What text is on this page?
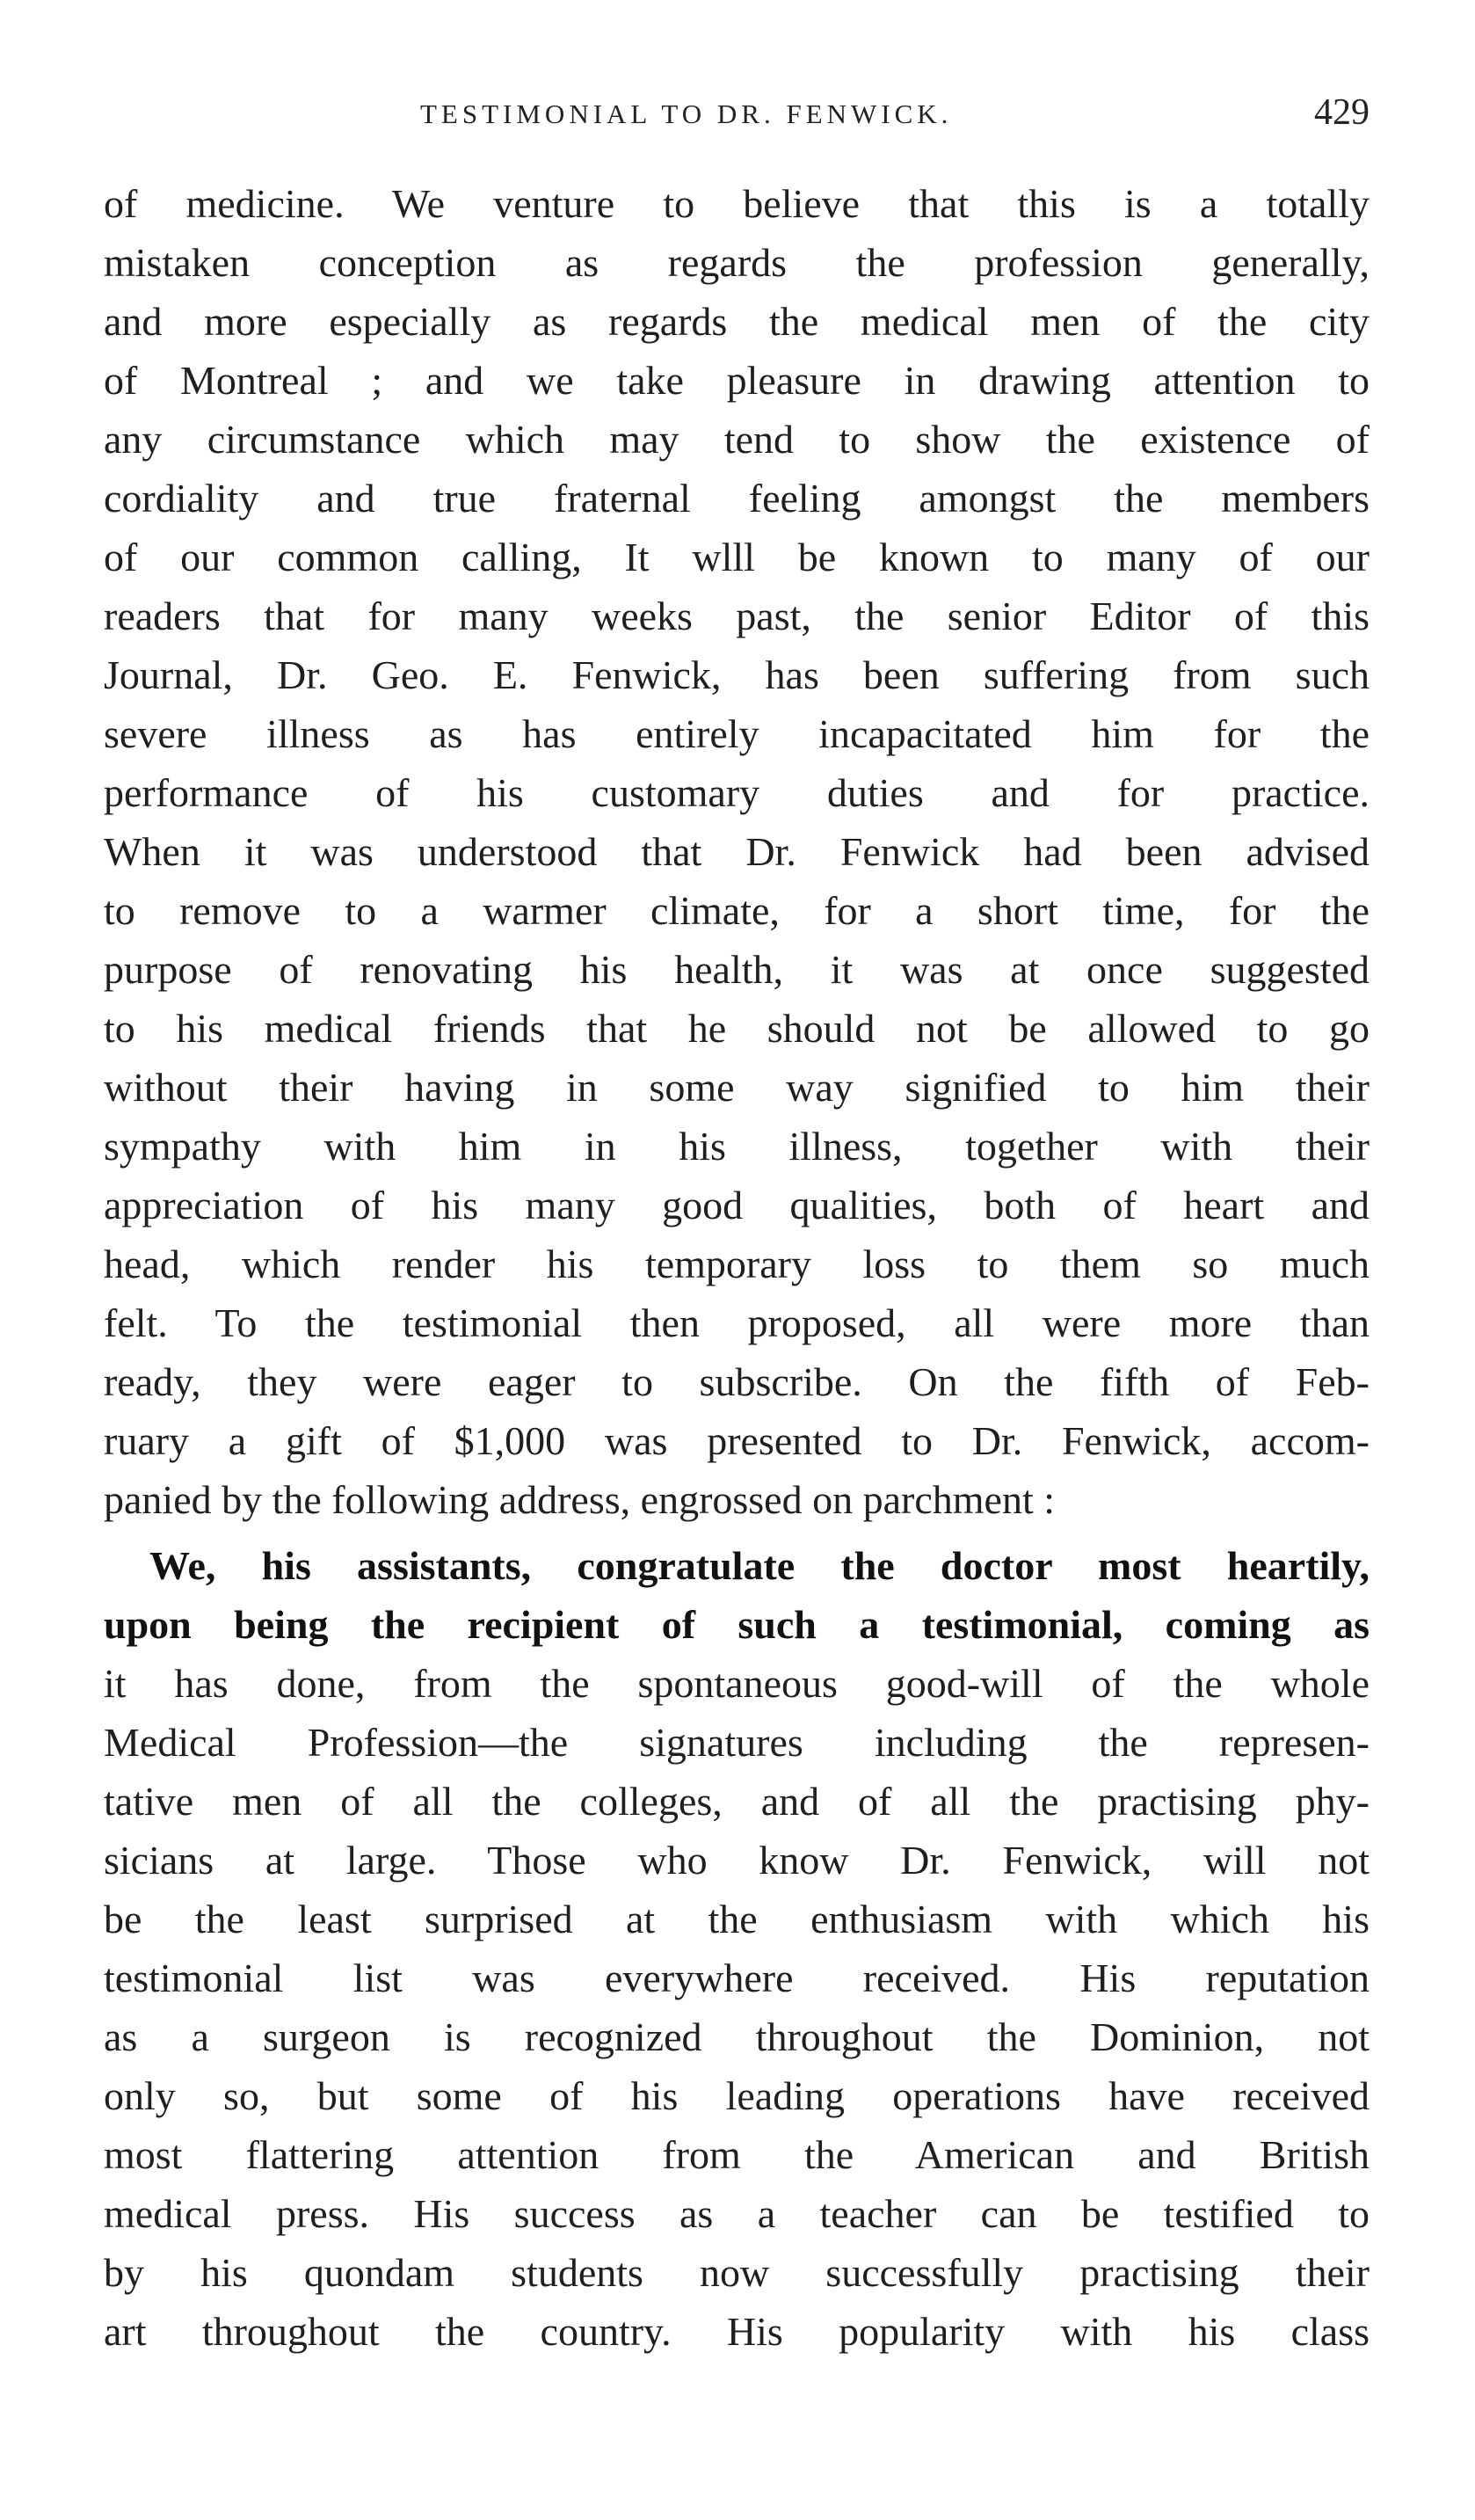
TESTIMONIAL TO DR. FENWICK.	429
of medicine. We venture to believe that this is a totally
mistaken conception as regards the profession generally,
and more especially as regards the medical men of the city
of Montreal ; and we take pleasure in drawing attention to
any circumstance which may tend to show the existence of
cordiality and true fraternal feeling amongst the members
of our common calling, It wlll be known to many of our
readers that for many weeks past, the senior Editor of this
Journal, Dr. Geo. E. Fenwick, has been suffering from such
severe illness as has entirely incapacitated him for the
performance of his customary duties and for practice.
When it was understood that Dr. Fenwick had been advised
to remove to a warmer climate, for a short time, for the
purpose of renovating his health, it was at once suggested
to his medical friends that he should not be allowed to go
without their having in some way signified to him their
sympathy with him in his illness, together with their
appreciation of his many good qualities, both of heart and
head, which render his temporary loss to them so much
felt. To the testimonial then proposed, all were more than
ready, they were eager to subscribe. On the fifth of Feb-
ruary a gift of $1,000 was presented to Dr. Fenwick, accom-
panied by the following address, engrossed on parchment :
We, his assistants, congratulate the doctor most heartily,
upon being the recipient of such a testimonial, coming as
it has done, from the spontaneous good-will of the whole
Medical Profession—the signatures including the represen-
tative men of all the colleges, and of all the practising phy-
sicians at large. Those who know Dr. Fenwick, will not
be the least surprised at the enthusiasm with which his
testimonial list was everywhere received. His reputation
as a surgeon is recognized throughout the Dominion, not
only so, but some of his leading operations have received
most flattering attention from the American and British
medical press. His success as a teacher can be testified to
by his quondam students now successfully practising their
art throughout the country. His popularity with his class
